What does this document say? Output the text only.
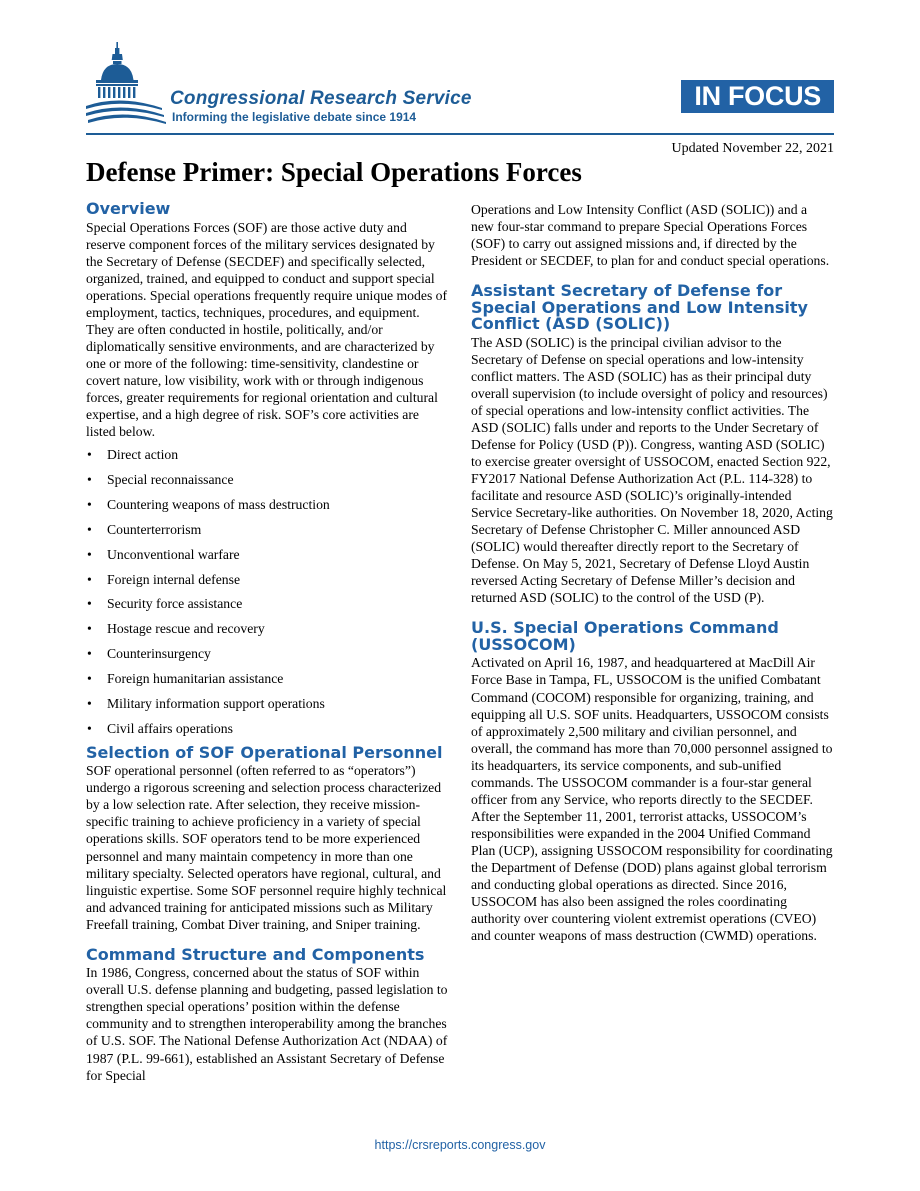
Congressional Research Service
Informing the legislative debate since 1914
IN FOCUS
Updated November 22, 2021
Defense Primer: Special Operations Forces
Overview

Special Operations Forces (SOF) are those active duty and reserve component forces of the military services designated by the Secretary of Defense (SECDEF) and specifically selected, organized, trained, and equipped to conduct and support special operations. Special operations frequently require unique modes of employment, tactics, techniques, procedures, and equipment. They are often conducted in hostile, politically, and/or diplomatically sensitive environments, and are characterized by one or more of the following: time-sensitivity, clandestine or covert nature, low visibility, work with or through indigenous forces, greater requirements for regional orientation and cultural expertise, and a high degree of risk. SOF’s core activities are listed below.

• Direct action
• Special reconnaissance
• Countering weapons of mass destruction
• Counterterrorism
• Unconventional warfare
• Foreign internal defense
• Security force assistance
• Hostage rescue and recovery
• Counterinsurgency
• Foreign humanitarian assistance
• Military information support operations
• Civil affairs operations
Selection of SOF Operational Personnel

SOF operational personnel (often referred to as “operators”) undergo a rigorous screening and selection process characterized by a low selection rate. After selection, they receive mission-specific training to achieve proficiency in a variety of special operations skills. SOF operators tend to be more experienced personnel and many maintain competency in more than one military specialty. Selected operators have regional, cultural, and linguistic expertise. Some SOF personnel require highly technical and advanced training for anticipated missions such as Military Freefall training, Combat Diver training, and Sniper training.

Command Structure and Components

In 1986, Congress, concerned about the status of SOF within overall U.S. defense planning and budgeting, passed legislation to strengthen special operations’ position within the defense community and to strengthen interoperability among the branches of U.S. SOF. The National Defense Authorization Act (NDAA) of 1987 (P.L. 99-661), established an Assistant Secretary of Defense for Special

Operations and Low Intensity Conflict (ASD (SOLIC)) and a new four-star command to prepare Special Operations Forces (SOF) to carry out assigned missions and, if directed by the President or SECDEF, to plan for and conduct special operations.

Assistant Secretary of Defense for Special Operations and Low Intensity Conflict (ASD (SOLIC))

The ASD (SOLIC) is the principal civilian advisor to the Secretary of Defense on special operations and low-intensity conflict matters. The ASD (SOLIC) has as their principal duty overall supervision (to include oversight of policy and resources) of special operations and low-intensity conflict activities. The ASD (SOLIC) falls under and reports to the Under Secretary of Defense for Policy (USD (P)). Congress, wanting ASD (SOLIC) to exercise greater oversight of USSOCOM, enacted Section 922, FY2017 National Defense Authorization Act (P.L. 114-328) to facilitate and resource ASD (SOLIC)’s originally-intended Service Secretary-like authorities. On November 18, 2020, Acting Secretary of Defense Christopher C. Miller announced ASD (SOLIC) would thereafter directly report to the Secretary of Defense. On May 5, 2021, Secretary of Defense Lloyd Austin reversed Acting Secretary of Defense Miller’s decision and returned ASD (SOLIC) to the control of the USD (P).

U.S. Special Operations Command (USSOCOM)

Activated on April 16, 1987, and headquartered at MacDill Air Force Base in Tampa, FL, USSOCOM is the unified Combatant Command (COCOM) responsible for organizing, training, and equipping all U.S. SOF units. Headquarters, USSOCOM consists of approximately 2,500 military and civilian personnel, and overall, the command has more than 70,000 personnel assigned to its headquarters, its service components, and sub-unified commands. The USSOCOM commander is a four-star general officer from any Service, who reports directly to the SECDEF. After the September 11, 2001, terrorist attacks, USSOCOM’s responsibilities were expanded in the 2004 Unified Command Plan (UCP), assigning USSOCOM responsibility for coordinating the Department of Defense (DOD) plans against global terrorism and conducting global operations as directed. Since 2016, USSOCOM has also been assigned the roles coordinating authority over countering violent extremist operations (CVEO) and counter weapons of mass destruction (CWMD) operations.

https://crsreports.congress.gov
